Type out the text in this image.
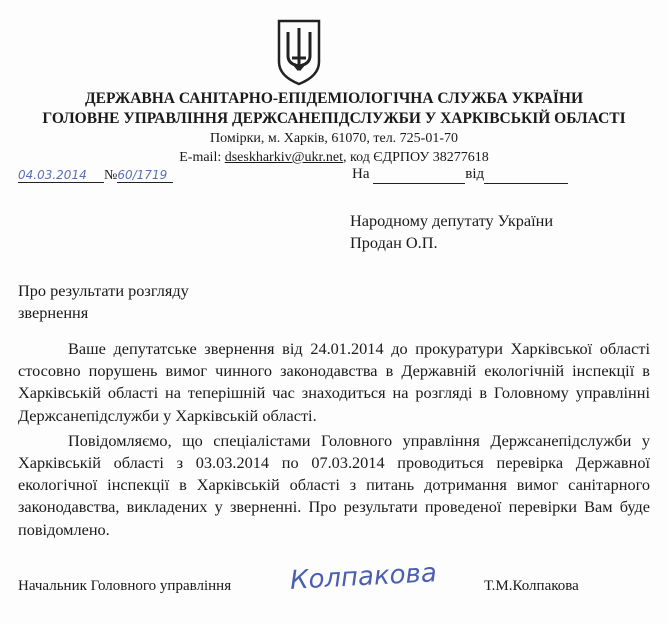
ДЕРЖАВНА САНІТАРНО-ЕПІДЕМІОЛОГІЧНА СЛУЖБА УКРАЇНИ
ГОЛОВНЕ УПРАВЛІННЯ ДЕРЖСАНЕПІДСЛУЖБИ У ХАРКІВСЬКІЙ ОБЛАСТІ
Помірки, м. Харків, 61070, тел. 725-01-70
E-mail: dseskharkiv@ukr.net, код ЄДРПОУ 38277618
04.03.2014 №60/1719	На	від
Народному депутату України
Продан О.П.
Про результати розгляду
звернення

Ваше депутатське звернення від 24.01.2014 до прокуратури Харківської області стосовно порушень вимог чинного законодавства в Державній екологічній інспекції в Харківській області на теперішній час знаходиться на розгляді в Головному управлінні Держсанепідслужби у Харківській області.

Повідомляємо, що спеціалістами Головного управління Держсанепідслужби у Харківській області з 03.03.2014 по 07.03.2014 проводиться перевірка Державної екологічної інспекції в Харківській області з питань дотримання вимог санітарного законодавства, викладених у зверненні. Про результати проведеної перевірки Вам буде повідомлено.

Начальник Головного управління Колпакова	Т.М.Колпакова
